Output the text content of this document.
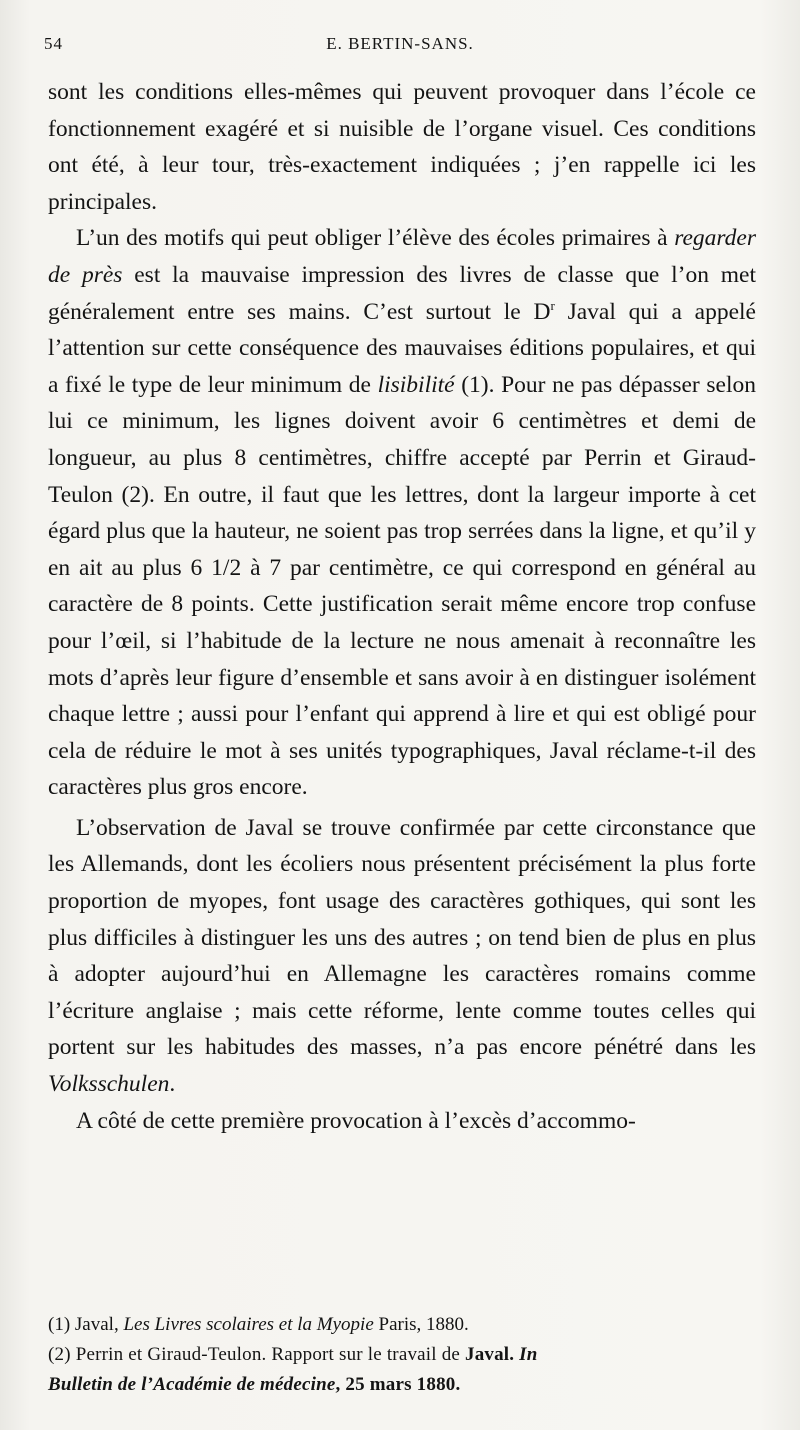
54	E. BERTIN-SANS.

sont les conditions elles-mêmes qui peuvent provoquer dans l’école ce fonctionnement exagéré et si nuisible de l’organe visuel. Ces conditions ont été, à leur tour, très-exactement indiquées ; j’en rappelle ici les principales.

L’un des motifs qui peut obliger l’élève des écoles primaires à regarder de près est la mauvaise impression des livres de classe que l’on met généralement entre ses mains. C’est surtout le $D^r$ Javal qui a appelé l’attention sur cette conséquence des mauvaises éditions populaires, et qui a fixé le type de leur minimum de lisibilité (1). Pour ne pas dépasser selon lui ce minimum, les lignes doivent avoir 6 centimètres et demi de longueur, au plus 8 centimètres, chiffre accepté par Perrin et Giraud-Teulon (2). En outre, il faut que les lettres, dont la largeur importe à cet égard plus que la hauteur, ne soient pas trop serrées dans la ligne, et qu’il y en ait au plus 6 1/2 à 7 par centimètre, ce qui correspond en général au caractère de 8 points. Cette justification serait même encore trop confuse pour l’œil, si l’habitude de la lecture ne nous amenait à reconnaître les mots d’après leur figure d’ensemble et sans avoir à en distinguer isolément chaque lettre ; aussi pour l’enfant qui apprend à lire et qui est obligé pour cela de réduire le mot à ses unités typographiques, Javal réclame-t-il des caractères plus gros encore.

L’observation de Javal se trouve confirmée par cette circonstance que les Allemands, dont les écoliers nous présentent précisément la plus forte proportion de myopes, font usage des caractères gothiques, qui sont les plus difficiles à distinguer les uns des autres ; on tend bien de plus en plus à adopter aujourd’hui en Allemagne les caractères romains comme l’écriture anglaise ; mais cette réforme, lente comme toutes celles qui portent sur les habitudes des masses, n’a pas encore pénétré dans les Volksschulen.

A côté de cette première provocation à l’excès d’accommo-

(1) Javal, Les Livres scolaires et la Myopie Paris, 1880.
(2) Perrin et Giraud-Teulon. Rapport sur le travail de Javal. In
Bulletin de l’Académie de médecine, 25 mars 1880.
